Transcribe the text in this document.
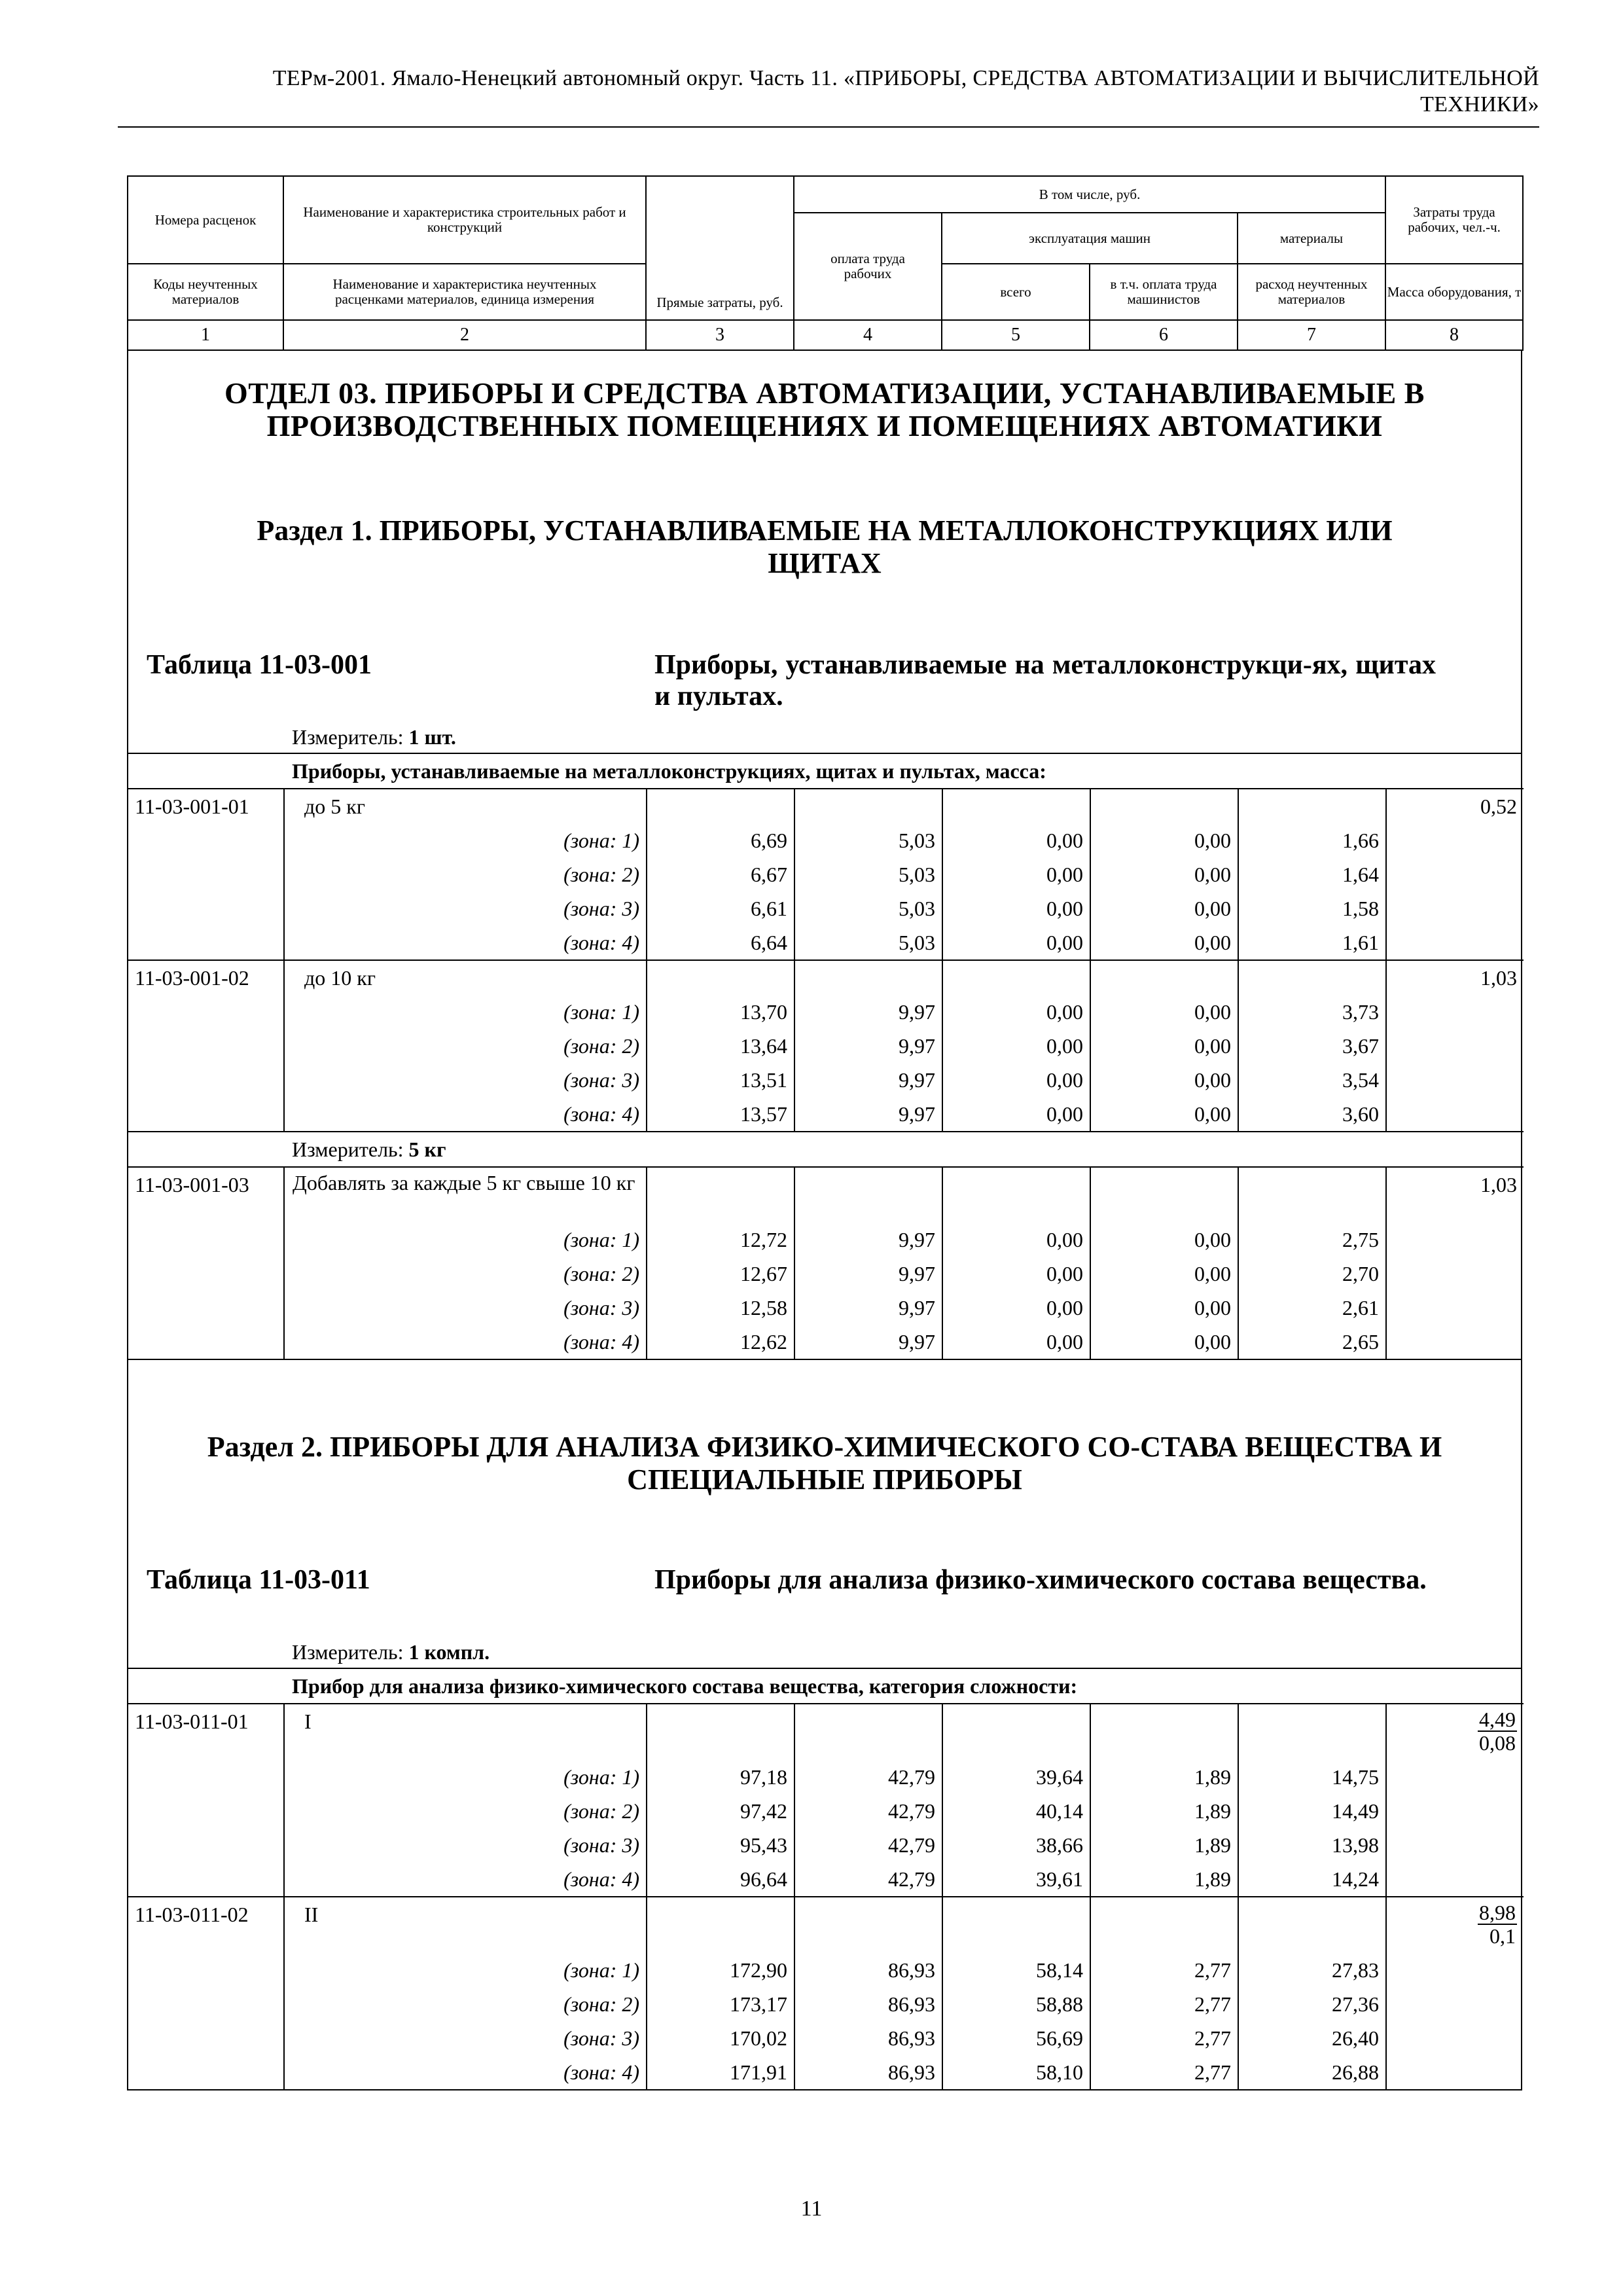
ТЕРм-2001. Ямало-Ненецкий автономный округ. Часть 11. «ПРИБОРЫ, СРЕДСТВА АВТОМАТИЗАЦИИ И ВЫЧИСЛИТЕЛЬНОЙ
ТЕХНИКИ»
Номера расценок	Наименование и характеристика строительных работ и конструкций	Прямые затраты, руб.	В том числе, руб.				Затраты труда рабочих, чел.-ч.
			оплата труда рабочих	эксплуатация машин		материалы	
Коды неучтенных материалов	Наименование и характеристика неучтенных расценками материалов, единица измерения			всего	в т.ч. оплата труда машинистов	расход неучтенных материалов	Масса оборудования, т
1	2	3	4	5	6	7	8
ОТДЕЛ 03. ПРИБОРЫ И СРЕДСТВА АВТОМАТИЗАЦИИ, УСТАНАВЛИВАЕМЫЕ В ПРОИЗВОДСТВЕННЫХ ПОМЕЩЕНИЯХ И ПОМЕЩЕНИЯХ АВТОМАТИКИ
Раздел 1. ПРИБОРЫ, УСТАНАВЛИВАЕМЫЕ НА МЕТАЛЛОКОНСТРУКЦИЯХ ИЛИ ЩИТАХ
Таблица 11-03-001	Приборы, устанавливаемые на металлоконструкци-ях, щитах и пультах.
Измеритель: 1 шт.
Приборы, устанавливаемые на металлоконструкциях, щитах и пультах, масса:
11-03-001-01	до 5 кг						0,52
	(зона: 1)	6,69	5,03	0,00	0,00	1,66	
	(зона: 2)	6,67	5,03	0,00	0,00	1,64	
	(зона: 3)	6,61	5,03	0,00	0,00	1,58	
	(зона: 4)	6,64	5,03	0,00	0,00	1,61	
11-03-001-02	до 10 кг						1,03
	(зона: 1)	13,70	9,97	0,00	0,00	3,73	
	(зона: 2)	13,64	9,97	0,00	0,00	3,67	
	(зона: 3)	13,51	9,97	0,00	0,00	3,54	
	(зона: 4)	13,57	9,97	0,00	0,00	3,60	
Измеритель: 5 кг							
11-03-001-03	Добавлять за каждые 5 кг свыше 10 кг						1,03
	(зона: 1)	12,72	9,97	0,00	0,00	2,75	
	(зона: 2)	12,67	9,97	0,00	0,00	2,70	
	(зона: 3)	12,58	9,97	0,00	0,00	2,61	
	(зона: 4)	12,62	9,97	0,00	0,00	2,65	
Раздел 2. ПРИБОРЫ ДЛЯ АНАЛИЗА ФИЗИКО-ХИМИЧЕСКОГО СО-СТАВА ВЕЩЕСТВА И СПЕЦИАЛЬНЫЕ ПРИБОРЫ
Таблица 11-03-011	Приборы для анализа физико-химического состава вещества.
Измеритель: 1 компл.
Прибор для анализа физико-химического состава вещества, категория сложности:
11-03-011-01	I						$\frac{4,49}{0,08}$

	(зона: 1)	97,18	42,79	39,64	1,89	14,75	
	(зона: 2)	97,42	42,79	40,14	1,89	14,49	
	(зона: 3)	95,43	42,79	38,66	1,89	13,98	
	(зона: 4)	96,64	42,79	39,61	1,89	14,24	
11-03-011-02	II						$\frac{8,98}{0,1}$

	(зона: 1)	172,90	86,93	58,14	2,77	27,83	
	(зона: 2)	173,17	86,93	58,88	2,77	27,36	
	(зона: 3)	170,02	86,93	56,69	2,77	26,40	
	(зона: 4)	171,91	86,93	58,10	2,77	26,88	
11
